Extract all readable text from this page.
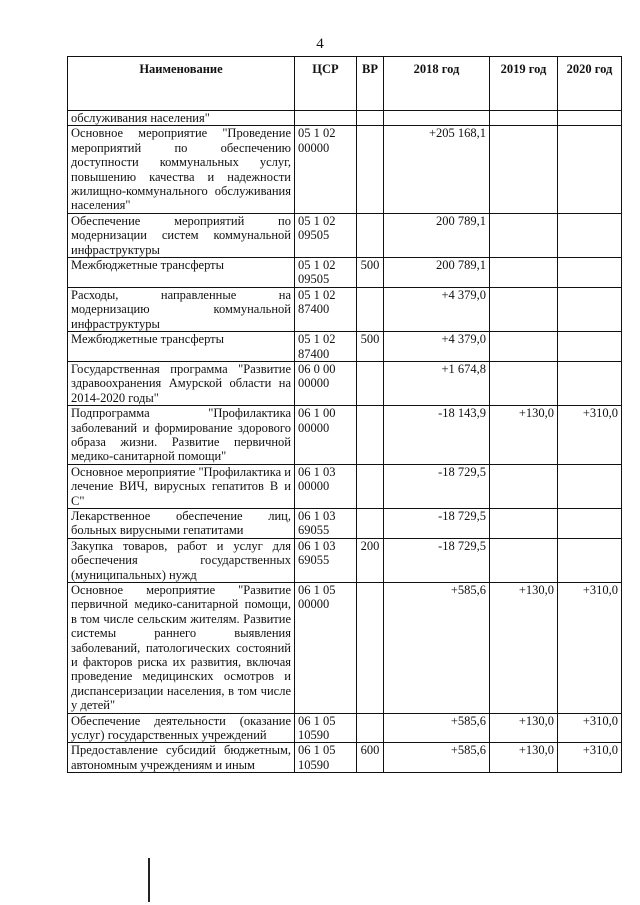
4
Наименование	ЦСР	ВР	2018 год	2019 год	2020 год
обслуживания населения"					
Основное мероприятие "Проведение мероприятий по обеспечению доступности коммунальных услуг, повышению качества и надежности жилищно-коммунального обслуживания населения"	05 1 02 00000		+205 168,1		
Обеспечение мероприятий по модернизации систем коммунальной инфраструктуры	05 1 02 09505		200 789,1		
Межбюджетные трансферты	05 1 02 09505	500	200 789,1		
Расходы, направленные на модернизацию коммунальной инфраструктуры	05 1 02 87400		+4 379,0		
Межбюджетные трансферты	05 1 02 87400	500	+4 379,0		
Государственная программа "Развитие здравоохранения Амурской области на 2014-2020 годы"	06 0 00 00000		+1 674,8		
Подпрограмма "Профилактика заболеваний и формирование здорового образа жизни. Развитие первичной медико-санитарной помощи"	06 1 00 00000		-18 143,9	+130,0	+310,0
Основное мероприятие "Профилактика и лечение ВИЧ, вирусных гепатитов В и С"	06 1 03 00000		-18 729,5		
Лекарственное обеспечение лиц, больных вирусными гепатитами	06 1 03 69055		-18 729,5		
Закупка товаров, работ и услуг для обеспечения государственных (муниципальных) нужд	06 1 03 69055	200	-18 729,5		
Основное мероприятие "Развитие первичной медико-санитарной помощи, в том числе сельским жителям. Развитие системы раннего выявления заболеваний, патологических состояний и факторов риска их развития, включая проведение медицинских осмотров и диспансеризации населения, в том числе у детей"	06 1 05 00000		+585,6	+130,0	+310,0
Обеспечение деятельности (оказание услуг) государственных учреждений	06 1 05 10590		+585,6	+130,0	+310,0
Предоставление субсидий бюджетным, автономным учреждениям и иным	06 1 05 10590	600	+585,6	+130,0	+310,0
